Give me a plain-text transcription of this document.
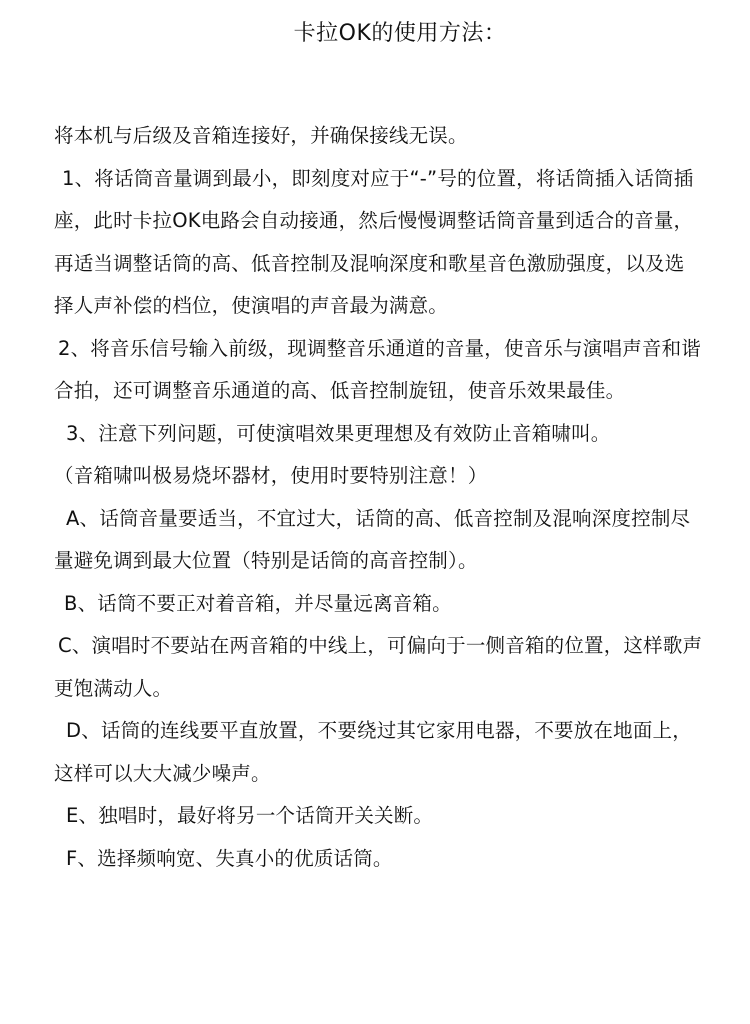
卡拉OK的使用方法：

将本机与后级及音箱连接好，并确保接线无误。

1、将话筒音量调到最小，即刻度对应于“-”号的位置，将话筒插入话筒插座，此时卡拉OK电路会自动接通，然后慢慢调整话筒音量到适合的音量，再适当调整话筒的高、低音控制及混响深度和歌星音色激励强度，以及选择人声补偿的档位，使演唱的声音最为满意。

2、将音乐信号输入前级，现调整音乐通道的音量，使音乐与演唱声音和谐合拍，还可调整音乐通道的高、低音控制旋钮，使音乐效果最佳。

3、注意下列问题，可使演唱效果更理想及有效防止音箱啸叫。

（音箱啸叫极易烧坏器材，使用时要特别注意！）

A、话筒音量要适当，不宜过大，话筒的高、低音控制及混响深度控制尽量避免调到最大位置（特别是话筒的高音控制）。

B、话筒不要正对着音箱，并尽量远离音箱。

C、演唱时不要站在两音箱的中线上，可偏向于一侧音箱的位置，这样歌声更饱满动人。

D、话筒的连线要平直放置，不要绕过其它家用电器，不要放在地面上，这样可以大大减少噪声。

E、独唱时，最好将另一个话筒开关关断。

F、选择频响宽、失真小的优质话筒。
